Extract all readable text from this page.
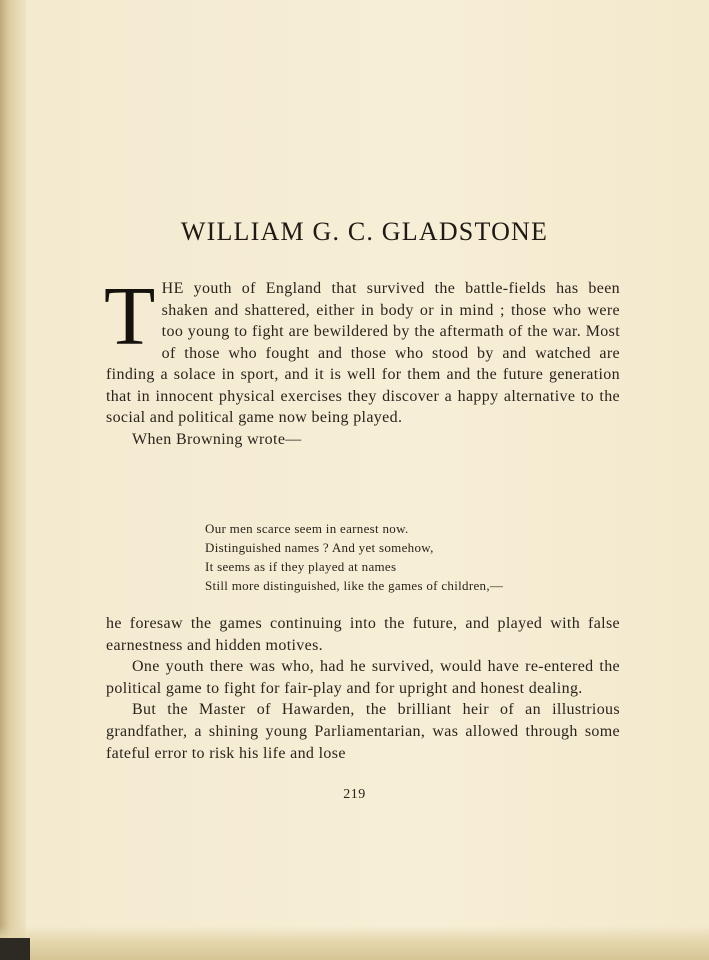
WILLIAM G. C. GLADSTONE

THE youth of England that survived the battle-fields has been shaken and shattered, either in body or in mind ; those who were too young to fight are bewildered by the aftermath of the war. Most of those who fought and those who stood by and watched are finding a solace in sport, and it is well for them and the future generation that in innocent physical exercises they discover a happy alternative to the social and political game now being played.

When Browning wrote—

Our men scarce seem in earnest now.
Distinguished names ? And yet somehow,
It seems as if they played at names
Still more distinguished, like the games of children,—

he foresaw the games continuing into the future, and played with false earnestness and hidden motives.

One youth there was who, had he survived, would have re-entered the political game to fight for fair-play and for upright and honest dealing.

But the Master of Hawarden, the brilliant heir of an illustrious grandfather, a shining young Parliamentarian, was allowed through some fateful error to risk his life and lose

219
